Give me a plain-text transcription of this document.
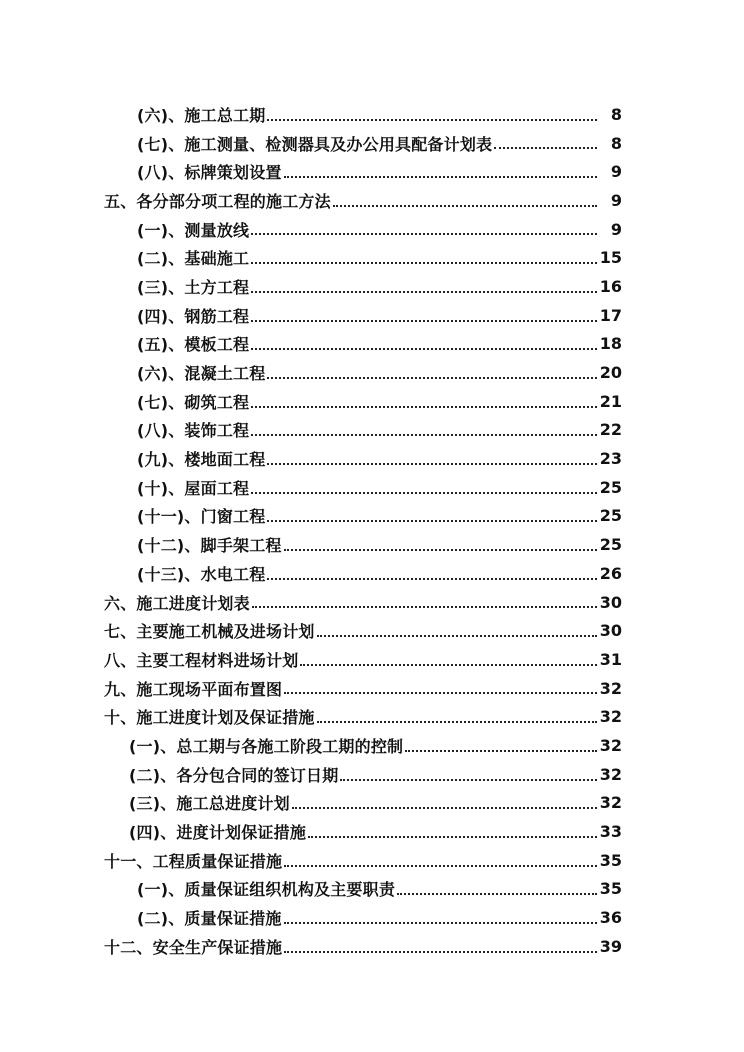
(六)、施工总工期	8
(七)、施工测量、检测器具及办公用具配备计划表	8
(八)、标牌策划设置	9
五、各分部分项工程的施工方法	9
(一)、测量放线	9
(二)、基础施工	15
(三)、土方工程	16
(四)、钢筋工程	17
(五)、模板工程	18
(六)、混凝土工程	20
(七)、砌筑工程	21
(八)、装饰工程	22
(九)、楼地面工程	23
(十)、屋面工程	25
(十一)、门窗工程	25
(十二)、脚手架工程	25
(十三)、水电工程	26
六、施工进度计划表	30
七、主要施工机械及进场计划	30
八、主要工程材料进场计划	31
九、施工现场平面布置图	32
十、施工进度计划及保证措施	32
(一)、总工期与各施工阶段工期的控制	32
(二)、各分包合同的签订日期	32
(三)、施工总进度计划	32
(四)、进度计划保证措施	33
十一、工程质量保证措施	35
(一)、质量保证组织机构及主要职责	35
(二)、质量保证措施	36
十二、安全生产保证措施	39
